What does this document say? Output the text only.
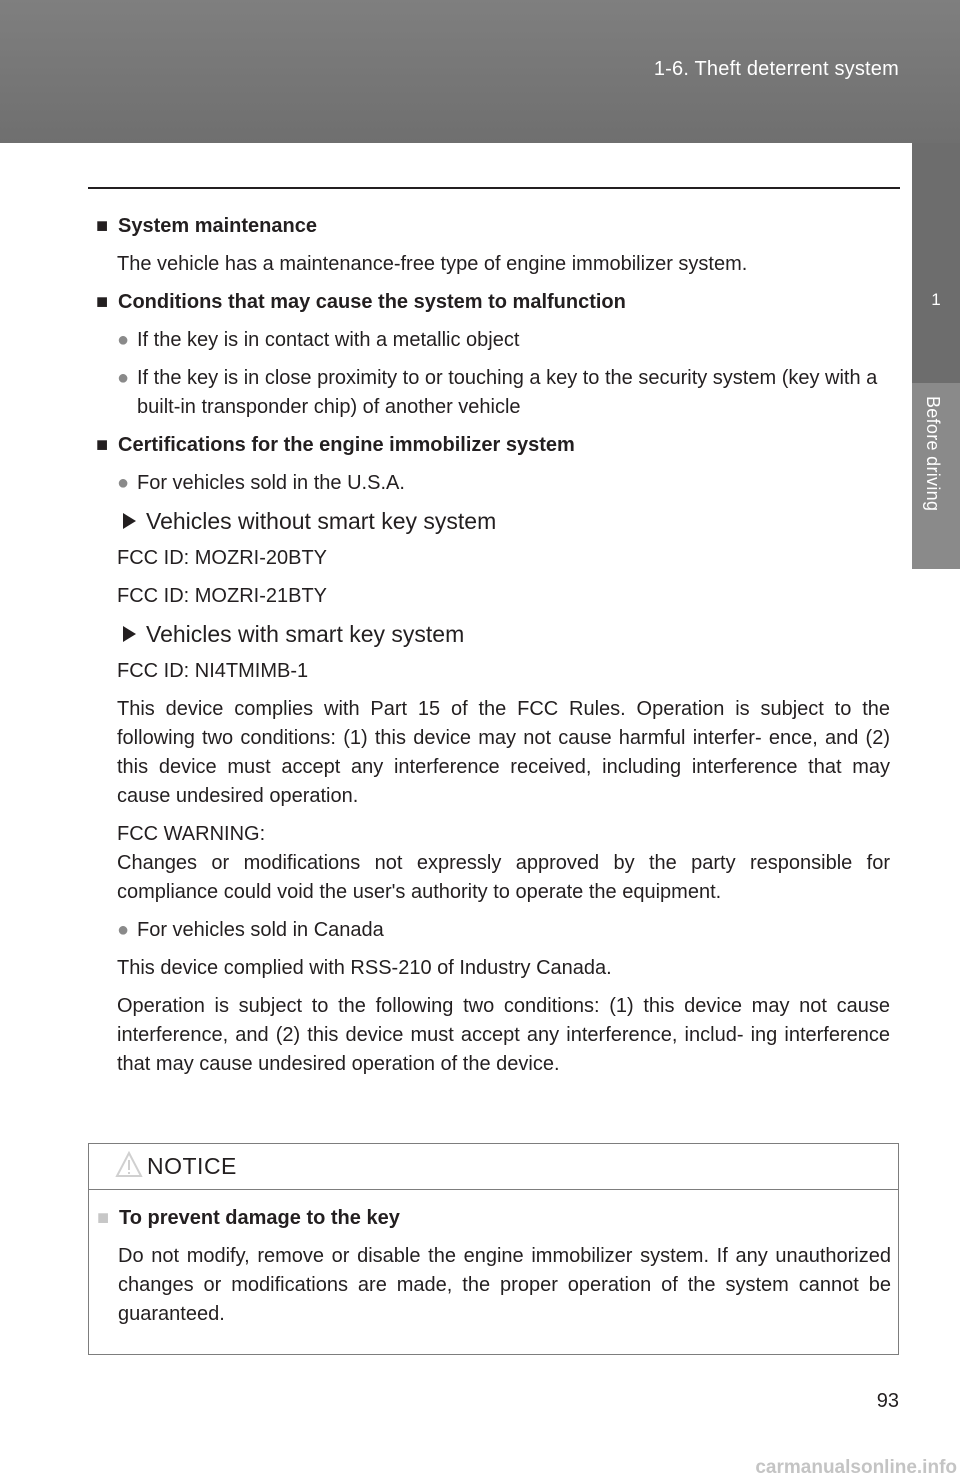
1-6. Theft deterrent system
1
Before driving
■ System maintenance

The vehicle has a maintenance-free type of engine immobilizer system.

■ Conditions that may cause the system to malfunction
● If the key is in contact with a metallic object
● If the key is in close proximity to or touching a key to the security system (key with a built-in transponder chip) of another vehicle
■ Certifications for the engine immobilizer system
● For vehicles sold in the U.S.A.
Vehicles without smart key system

FCC ID: MOZRI-20BTY

FCC ID: MOZRI-21BTY

Vehicles with smart key system

FCC ID: NI4TMIMB-1

This device complies with Part 15 of the FCC Rules. Operation is subject to the following two conditions: (1) this device may not cause harmful interfer- ence, and (2) this device must accept any interference received, including interference that may cause undesired operation.

FCC WARNING:

Changes or modifications not expressly approved by the party responsible for compliance could void the user's authority to operate the equipment.

● For vehicles sold in Canada

This device complied with RSS-210 of Industry Canada.

Operation is subject to the following two conditions: (1) this device may not cause interference, and (2) this device must accept any interference, includ- ing interference that may cause undesired operation of the device.

NOTICE
■ To prevent damage to the key

Do not modify, remove or disable the engine immobilizer system. If any unauthorized changes or modifications are made, the proper operation of the system cannot be guaranteed.

93
carmanualsonline.info
